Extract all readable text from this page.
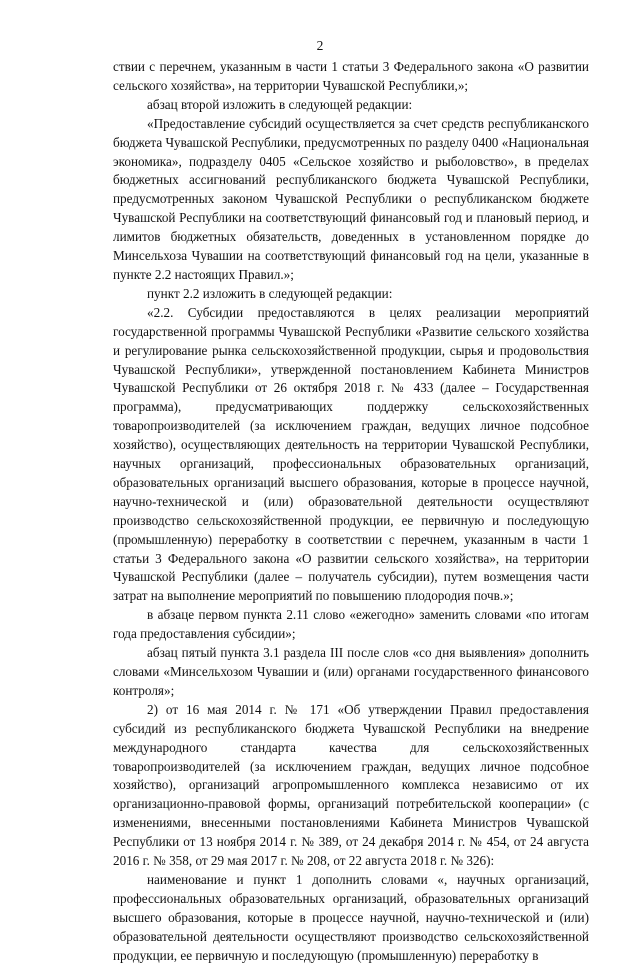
2

ствии с перечнем, указанным в части 1 статьи 3 Федерального закона «О развитии сельского хозяйства», на территории Чувашской Республики,»;

абзац второй изложить в следующей редакции:

«Предоставление субсидий осуществляется за счет средств республиканского бюджета Чувашской Республики, предусмотренных по разделу 0400 «Национальная экономика», подразделу 0405 «Сельское хозяйство и рыболовство», в пределах бюджетных ассигнований республиканского бюджета Чувашской Республики, предусмотренных законом Чувашской Республики о республиканском бюджете Чувашской Республики на соответствующий финансовый год и плановый период, и лимитов бюджетных обязательств, доведенных в установленном порядке до Минсельхоза Чувашии на соответствующий финансовый год на цели, указанные в пункте 2.2 настоящих Правил.»;

пункт 2.2 изложить в следующей редакции:

«2.2. Субсидии предоставляются в целях реализации мероприятий государственной программы Чувашской Республики «Развитие сельского хозяйства и регулирование рынка сельскохозяйственной продукции, сырья и продовольствия Чувашской Республики», утвержденной постановлением Кабинета Министров Чувашской Республики от 26 октября 2018 г. № 433 (далее – Государственная программа), предусматривающих поддержку сельскохозяйственных товаропроизводителей (за исключением граждан, ведущих личное подсобное хозяйство), осуществляющих деятельность на территории Чувашской Республики, научных организаций, профессиональных образовательных организаций, образовательных организаций высшего образования, которые в процессе научной, научно-технической и (или) образовательной деятельности осуществляют производство сельскохозяйственной продукции, ее первичную и последующую (промышленную) переработку в соответствии с перечнем, указанным в части 1 статьи 3 Федерального закона «О развитии сельского хозяйства», на территории Чувашской Республики (далее – получатель субсидии), путем возмещения части затрат на выполнение мероприятий по повышению плодородия почв.»;

в абзаце первом пункта 2.11 слово «ежегодно» заменить словами «по итогам года предоставления субсидии»;

абзац пятый пункта 3.1 раздела III после слов «со дня выявления» дополнить словами «Минсельхозом Чувашии и (или) органами государственного финансового контроля»;

2) от 16 мая 2014 г. № 171 «Об утверждении Правил предоставления субсидий из республиканского бюджета Чувашской Республики на внедрение международного стандарта качества для сельскохозяйственных товаропроизводителей (за исключением граждан, ведущих личное подсобное хозяйство), организаций агропромышленного комплекса независимо от их организационно-правовой формы, организаций потребительской кооперации» (с изменениями, внесенными постановлениями Кабинета Министров Чувашской Республики от 13 ноября 2014 г. № 389, от 24 декабря 2014 г. № 454, от 24 августа 2016 г. № 358, от 29 мая 2017 г. № 208, от 22 августа 2018 г. № 326):

наименование и пункт 1 дополнить словами «, научных организаций, профессиональных образовательных организаций, образовательных организаций высшего образования, которые в процессе научной, научно-технической и (или) образовательной деятельности осуществляют производство сельскохозяйственной продукции, ее первичную и последующую (промышленную) переработку в
